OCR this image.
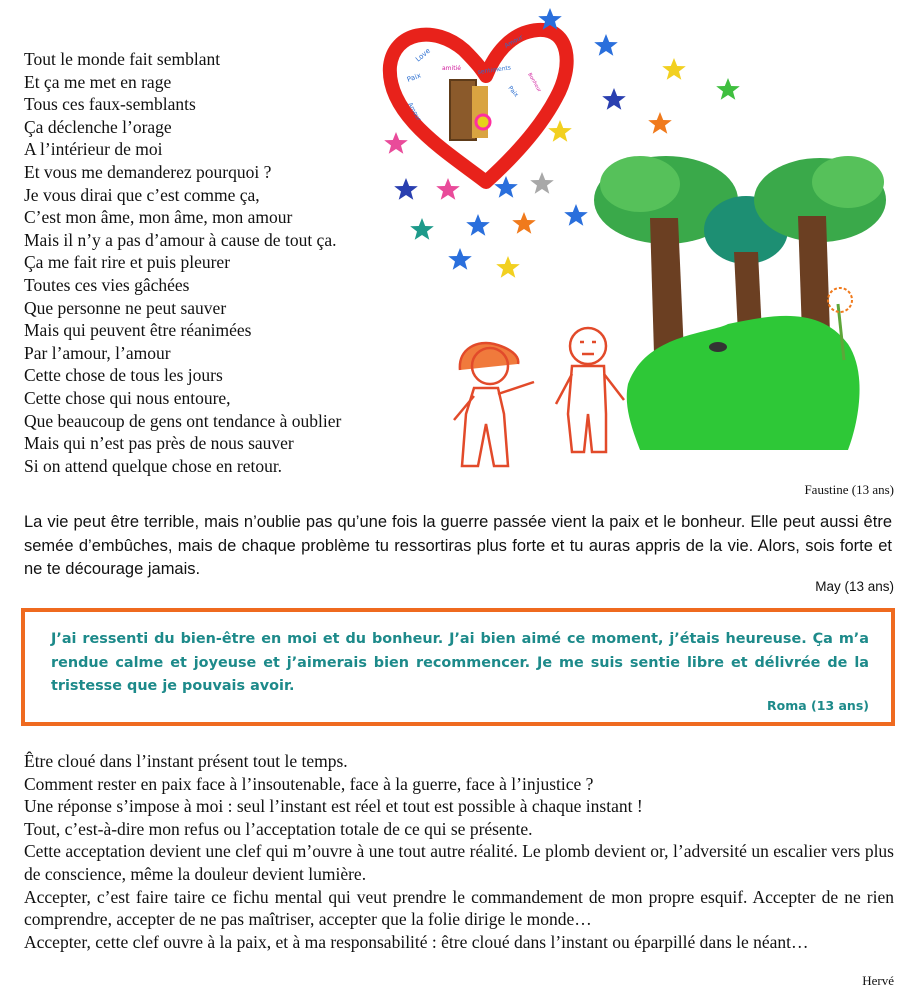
Tout le monde fait semblant
Et ça me met en rage
Tous ces faux-semblants
Ça déclenche l’orage
A l’intérieur de moi
Et vous me demanderez pourquoi ?
Je vous dirai que c’est comme ça,
C’est mon âme, mon âme, mon amour
Mais il n’y a pas d’amour à cause de tout ça.
Ça me fait rire et puis pleurer
Toutes ces vies gâchées
Que personne ne peut sauver
Mais qui peuvent être réanimées
Par l’amour, l’amour
Cette chose de tous les jours
Cette chose qui nous entoure,
Que beaucoup de gens ont tendance à oublier
Mais qui n’est pas près de nous sauver
Si on attend quelque chose en retour.
Love
Paix
amitié	sentiments
Amour
Amour
Paix Bonheur
Faustine (13 ans)
La vie peut être terrible, mais n’oublie pas qu’une fois la guerre passée vient la paix et le bonheur. Elle peut aussi être semée d’embûches, mais de chaque problème tu ressortiras plus forte et tu auras appris de la vie. Alors, sois forte et ne te décourage jamais.
May (13 ans)
J’ai ressenti du bien-être en moi et du bonheur. J’ai bien aimé ce moment, j’étais heureuse. Ça m’a rendue calme et joyeuse et j’aimerais bien recommencer. Je me suis sentie libre et délivrée de la tristesse que je pouvais avoir.
Roma (13 ans)

Être cloué dans l’instant présent tout le temps.

Comment rester en paix face à l’insoutenable, face à la guerre, face à l’injustice ?

Une réponse s’impose à moi : seul l’instant est réel et tout est possible à chaque instant !

Tout, c’est-à-dire mon refus ou l’acceptation totale de ce qui se présente.

Cette acceptation devient une clef qui m’ouvre à une tout autre réalité. Le plomb devient or, l’adversité un escalier vers plus de conscience, même la douleur devient lumière.

Accepter, c’est faire taire ce fichu mental qui veut prendre le commandement de mon propre esquif. Accepter de ne rien comprendre, accepter de ne pas maîtriser, accepter que la folie dirige le monde…

Accepter, cette clef ouvre à la paix, et à ma responsabilité : être cloué dans l’instant ou éparpillé dans le néant…

Hervé
